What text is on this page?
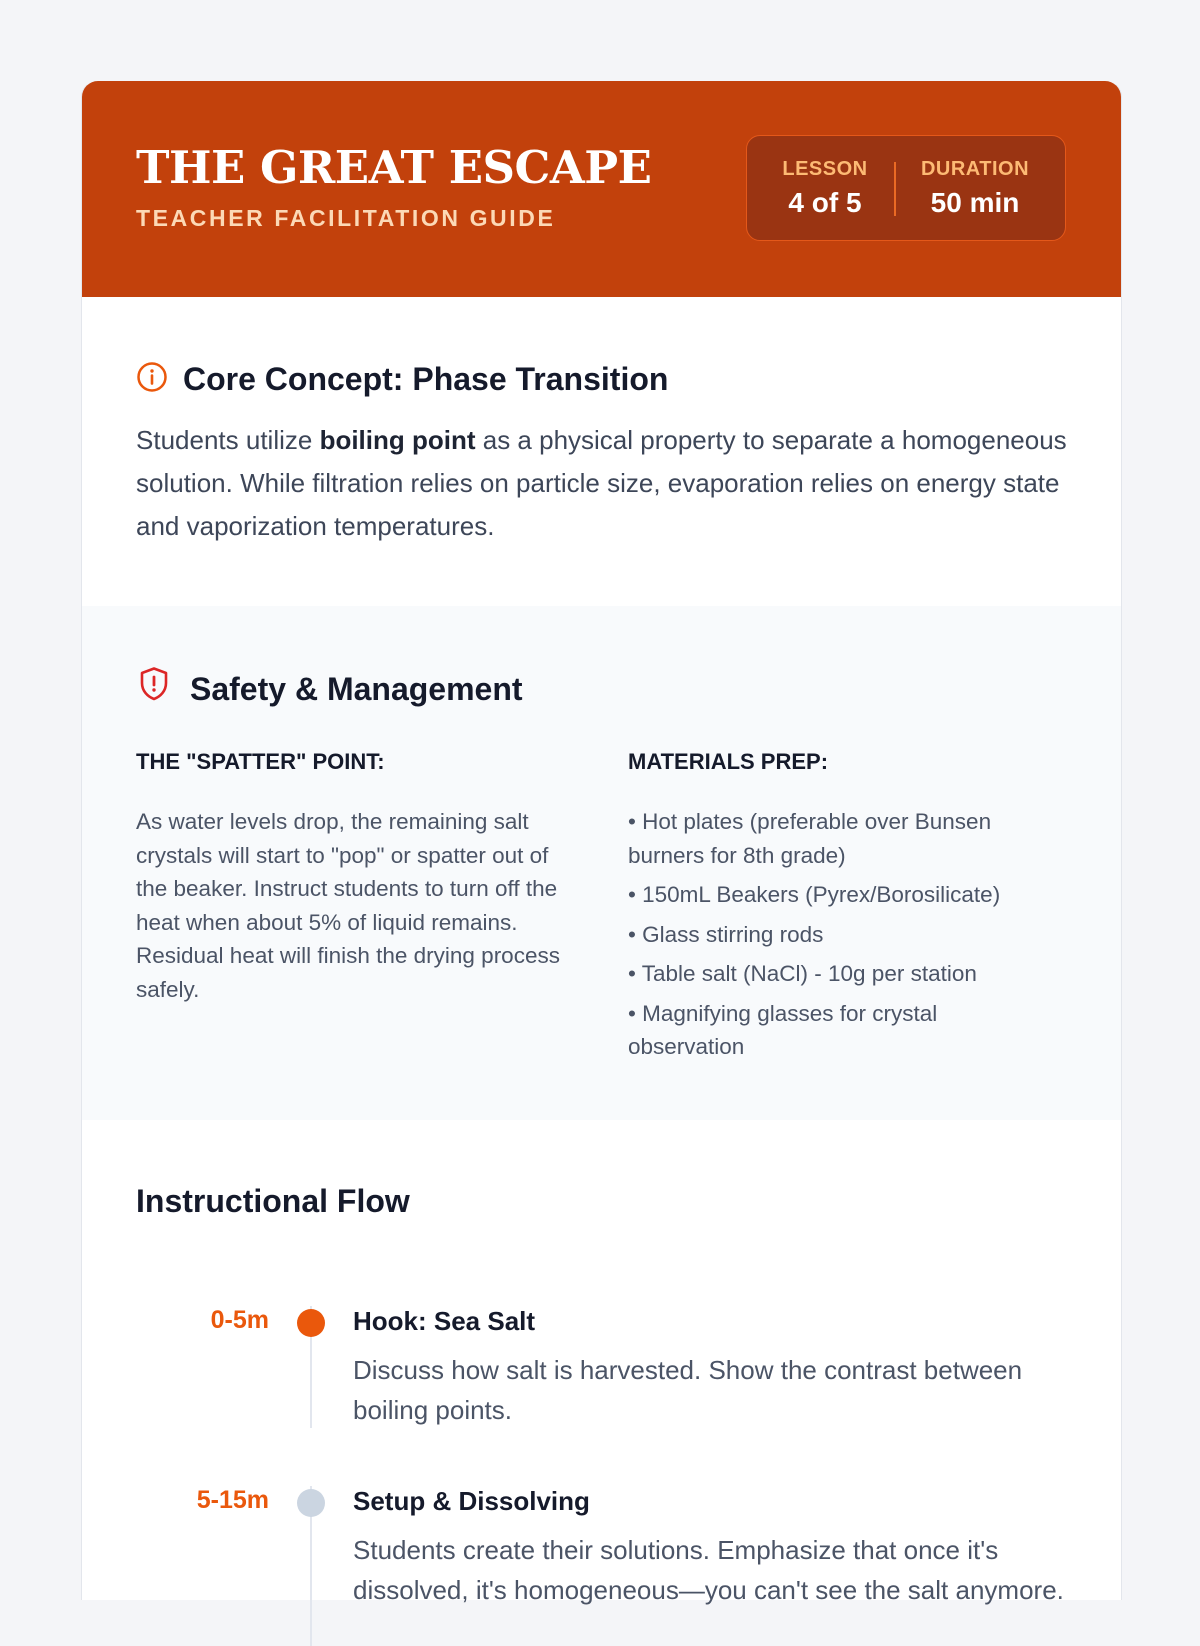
THE GREAT ESCAPE
TEACHER FACILITATION GUIDE
LESSON
4 of 5
DURATION
50 min
Core Concept: Phase Transition

Students utilize boiling point as a physical property to separate a homogeneous solution. While filtration relies on particle size, evaporation relies on energy state and vaporization temperatures.

Safety & Management
THE "SPATTER" POINT:

As water levels drop, the remaining salt crystals will start to "pop" or spatter out of the beaker. Instruct students to turn off the heat when about 5% of liquid remains. Residual heat will finish the drying process safely.

MATERIALS PREP:
• Hot plates (preferable over Bunsen burners for 8th grade)
• 150mL Beakers (Pyrex/Borosilicate)
• Glass stirring rods
• Table salt (NaCl) - 10g per station
• Magnifying glasses for crystal observation
Instructional Flow
0-5m	Hook: Sea Salt

Discuss how salt is harvested. Show the contrast between boiling points.

5-15m	Setup & Dissolving

Students create their solutions. Emphasize that once it's dissolved, it's homogeneous—you can't see the salt anymore.
